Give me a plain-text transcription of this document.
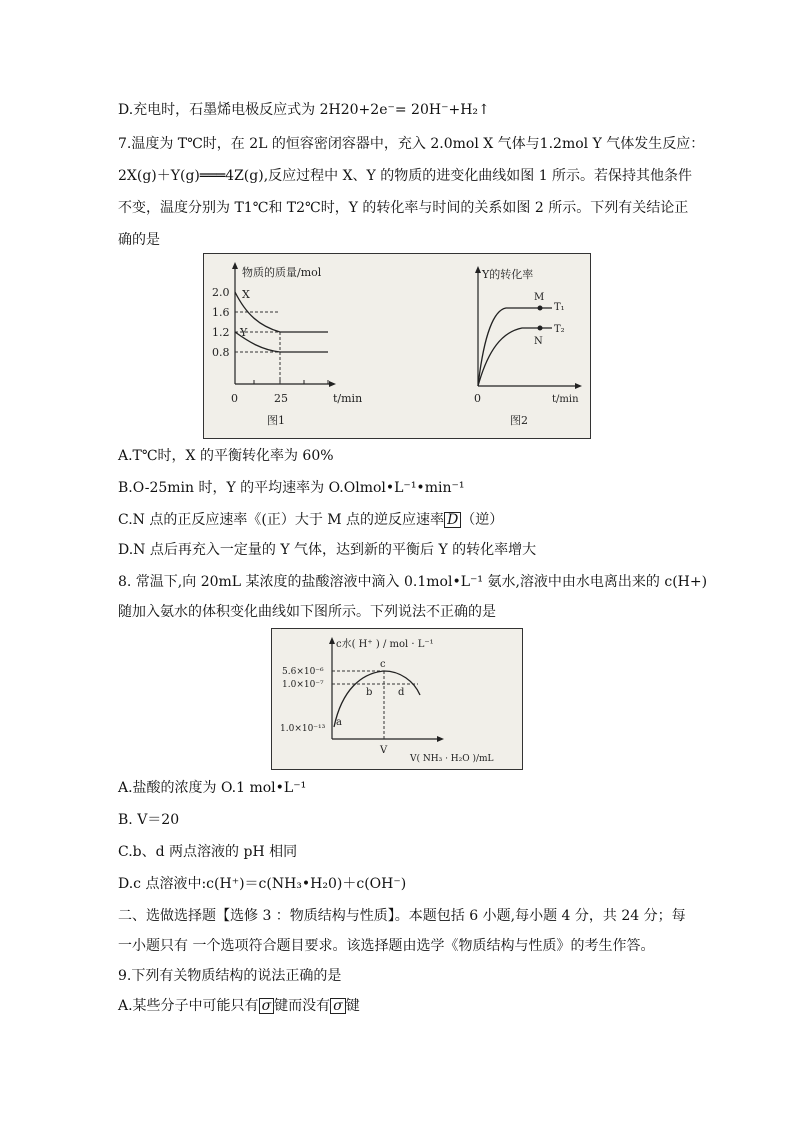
D.充电时，石墨烯电极反应式为 2H20+2e⁻= 20H⁻+H₂↑
7.温度为 T℃时，在 2L 的恒容密闭容器中，充入 2.0mol X 气体与1.2mol Y 气体发生反应：
2X(g)＋Y(g)═══4Z(g),反应过程中 X、Y 的物质的进变化曲线如图 1 所示。若保持其他条件
不变，温度分别为 T1℃和 T2℃时，Y 的转化率与时间的关系如图 2 所示。下列有关结论正
确的是
物质的质量/mol
2.0
1.6
1.2
0.8
X
Y
0	25	t/min
图1
Y的转化率
M
T₁
N
T₂
0	t/min
图2
A.T℃时，X 的平衡转化率为 60%
B.O-25min 时，Y 的平均速率为 O.Olmol•L⁻¹•min⁻¹
C.N 点的正反应速率《(正）大于 M 点的逆反应速率 D （逆）
D.N 点后再充入一定量的 Y 气体，达到新的平衡后 Y 的转化率增大
8. 常温下,向 20mL 某浓度的盐酸溶液中滴入 0.1mol•L⁻¹ 氨水,溶液中由水电离出来的 c(H+)
随加入氨水的体积变化曲线如下图所示。下列说法不正确的是
c水( H⁺ ) / mol · L⁻¹
5.6×10⁻⁶
1.0×10⁻⁷
1.0×10⁻¹³
a
b
c
d
V
V( NH₃ · H₂O )/mL
A.盐酸的浓度为 O.1 mol•L⁻¹
B. V＝20
C.b、d 两点溶液的 pH 相同
D.c 点溶液中:c(H⁺)＝c(NH₃•H₂0)＋c(OH⁻)
二、选做选择题【选修 3 ：物质结构与性质】。本题包括 6 小题,每小题 4 分，共 24 分；每
一小题只有 一个选项符合题目要求。该选择题由选学《物质结构与性质》的考生作答。
9.下列有关物质结构的说法正确的是
A.某些分子中可能只有 σ 键而没有 σ 键
